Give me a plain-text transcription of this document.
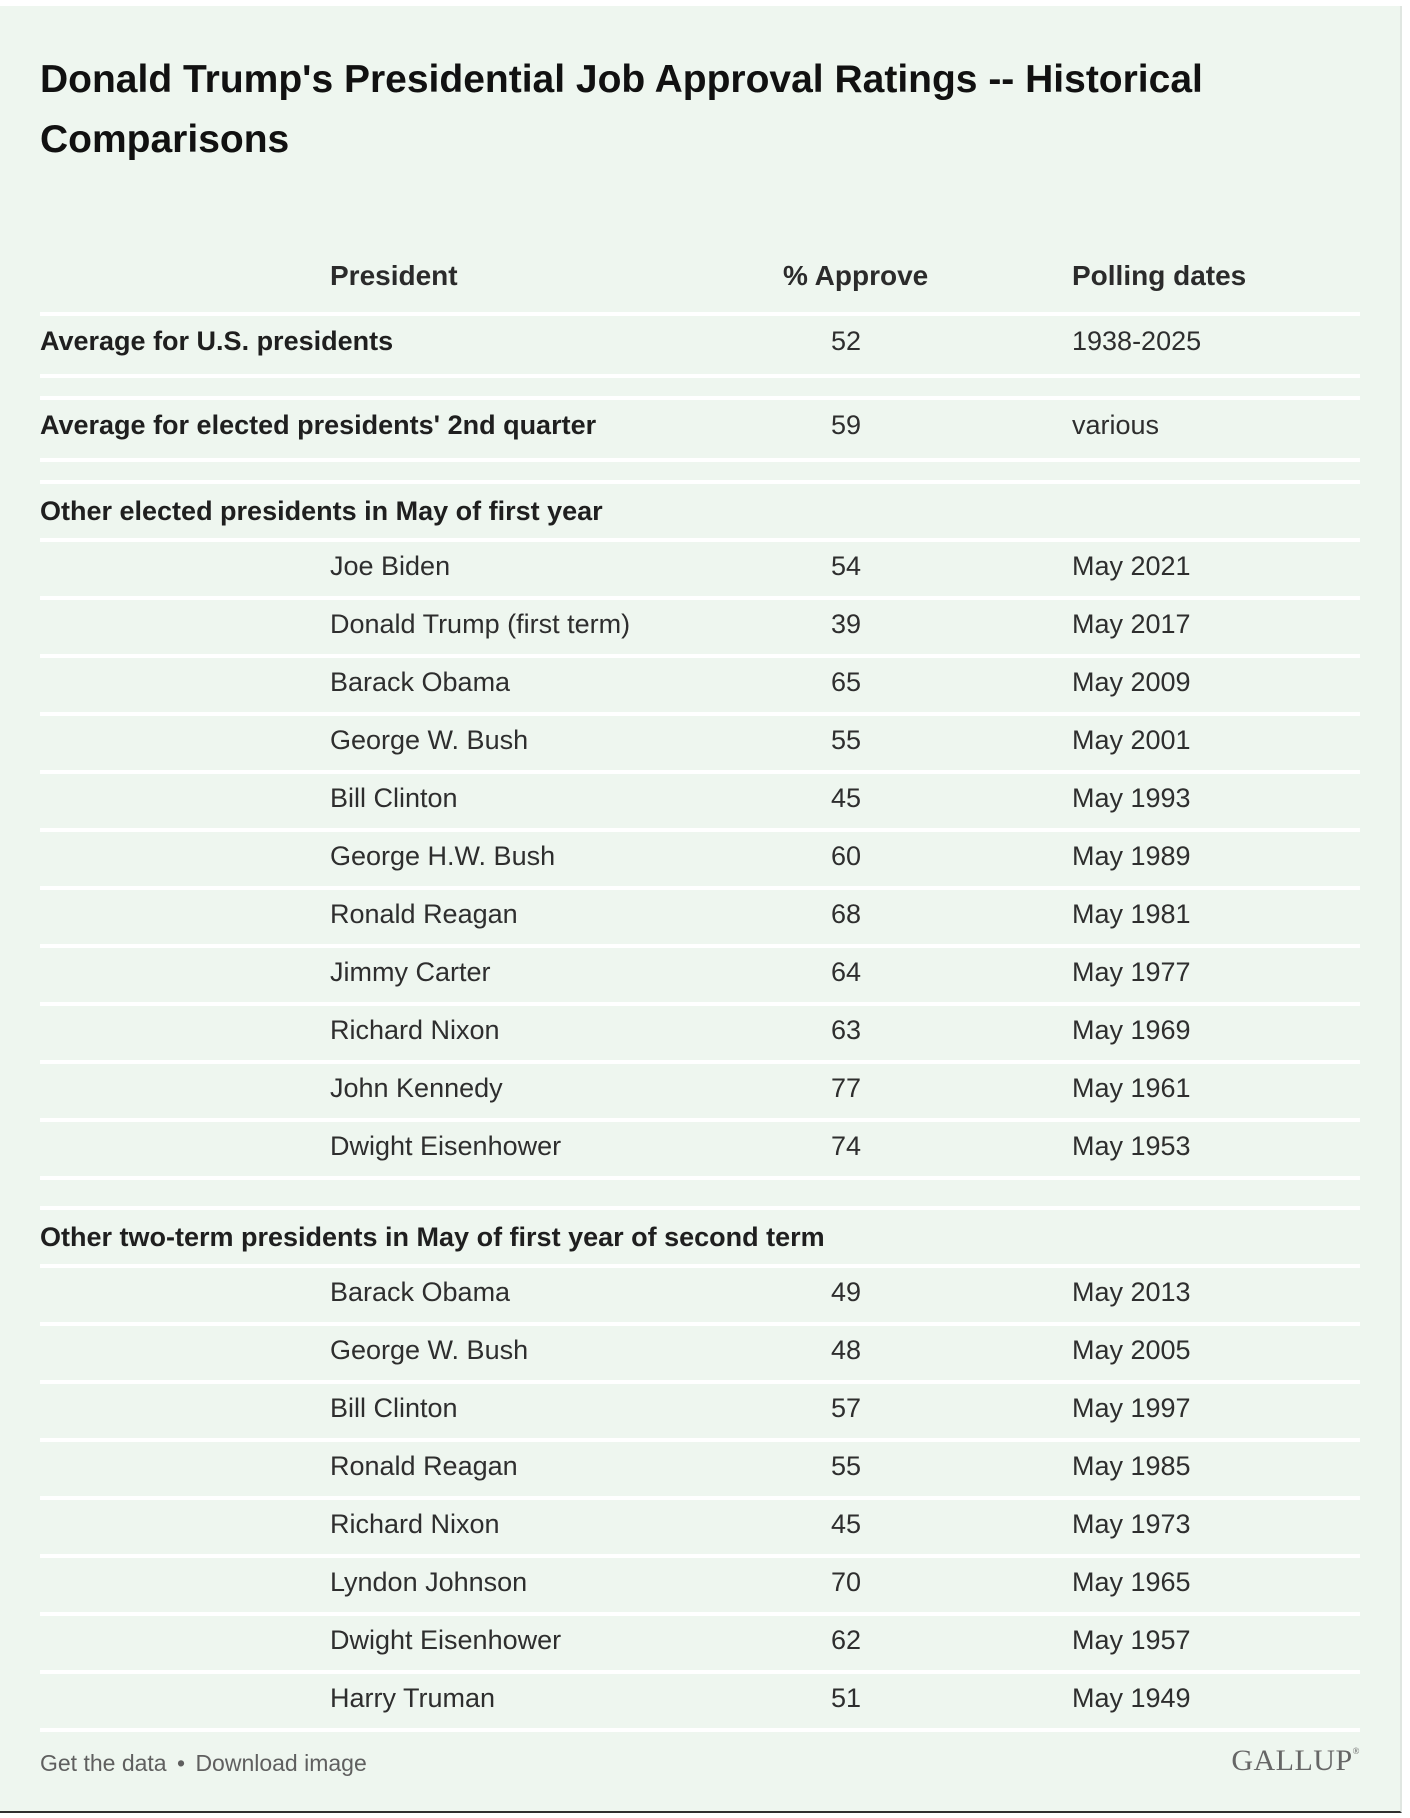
Donald Trump's Presidential Job Approval Ratings -- Historical Comparisons
President	% Approve	Polling dates
Average for U.S. presidents	52	1938-2025
Average for elected presidents' 2nd quarter	59	various
Other elected presidents in May of first year
Joe Biden	54	May 2021
Donald Trump (first term)	39	May 2017
Barack Obama	65	May 2009
George W. Bush	55	May 2001
Bill Clinton	45	May 1993
George H.W. Bush	60	May 1989
Ronald Reagan	68	May 1981
Jimmy Carter	64	May 1977
Richard Nixon	63	May 1969
John Kennedy	77	May 1961
Dwight Eisenhower	74	May 1953
Other two-term presidents in May of first year of second term
Barack Obama	49	May 2013
George W. Bush	48	May 2005
Bill Clinton	57	May 1997
Ronald Reagan	55	May 1985
Richard Nixon	45	May 1973
Lyndon Johnson	70	May 1965
Dwight Eisenhower	62	May 1957
Harry Truman	51	May 1949
Get the data • Download image	GALLUP®
